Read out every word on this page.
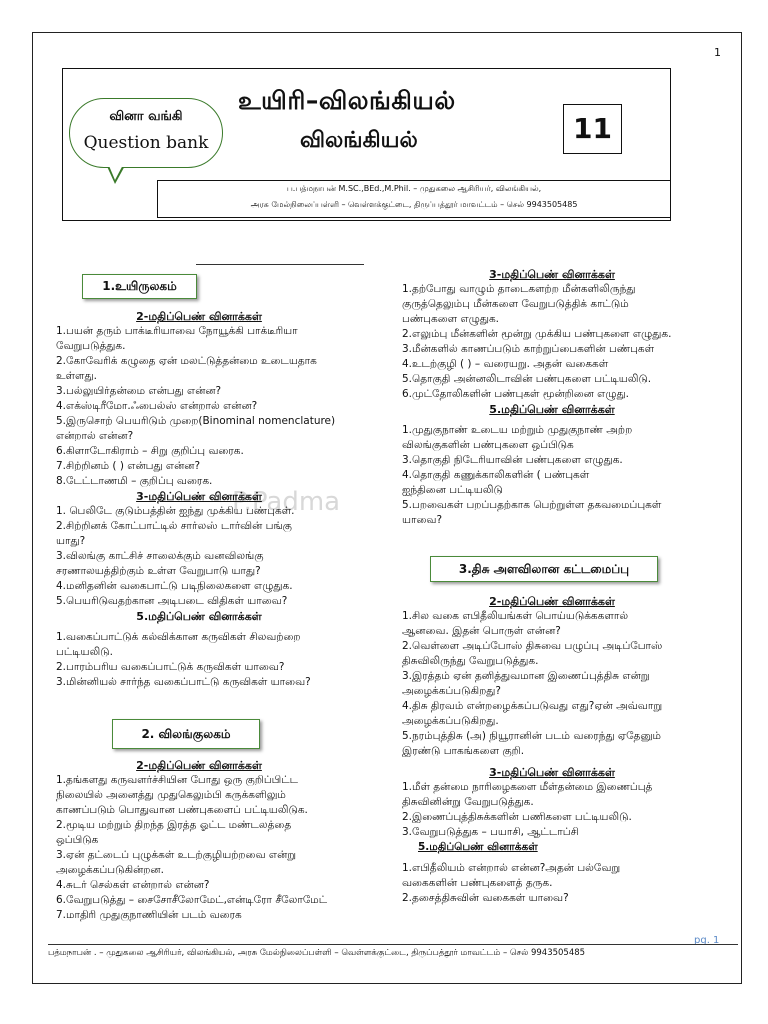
1
வினா வங்கி
Question bank
உயிரி–விலங்கியல்
விலங்கியல்	11
ப.பத்மநாபன் M.SC.,BEd.,M.Phil. – முதுகலை ஆசிரியர், விலங்கியல்,
அரசு மேல்நிலைப்பள்ளி – வெள்ளக்குட்டை, திருப்பத்தூர் மாவட்டம் – செல் 9943505485
P.Padma
1.உயிருலகம்

2-மதிப்பெண் வினாக்கள்

1.பயன் தரும் பாக்டீரியாவை நோயூக்கி பாக்டீரியா

வேறுபடுத்துக.

2.கோவேரிக் கழுதை ஏன் மலட்டுத்தன்மை உடையதாக

உள்ளது.

3.பல்லுயிர்தன்மை என்பது என்ன?

4.எக்ஸ்டிரீமோ.ஃபைல்ஸ் என்றால் என்ன?

5.இருசொற் பெயரிடும் முறை(Binominal nomenclature)

என்றால் என்ன?

6.கிளாடோகிராம் – சிறு குறிப்பு வரைக.

7.சிற்றினம் ( ) என்பது என்ன?

8.டேட்டாணமி – குறிப்பு வரைக.

3-மதிப்பெண் வினாக்கள்

1. பெலிடே குடும்பத்தின் ஐந்து முக்கிய பண்புகள்.

2.சிற்றினக் கோட்பாட்டில் சார்லஸ் டார்வின் பங்கு

யாது?

3.விலங்கு காட்சிச் சாலைக்கும் வனவிலங்கு

சரணாலயத்திற்கும் உள்ள வேறுபாடு யாது?

4.மனிதனின் வகைபாட்டு படிநிலைகளை எழுதுக.

5.பெயரிடுவதற்கான அடிபடை விதிகள் யாவை?

5.மதிப்பெண் வினாக்கள்

1.வகைப்பாட்டுக் கல்விக்கான கருவிகள் சிலவற்றை

பட்டியலிடு.

2.பாரம்பரிய வகைப்பாட்டுக் கருவிகள் யாவை?

3.மின்னியல் சார்ந்த வகைப்பாட்டு கருவிகள் யாவை?

2. விலங்குலகம்

2-மதிப்பெண் வினாக்கள்

1.தங்களது கருவளர்ச்சியின போது ஒரு குறிப்பிட்ட

நிலையில் அனைத்து முதுகெலும்பி கருக்களிலும்

காணப்படும் பொதுவான பண்புகளைப் பட்டியலிடுக.

2.மூடிய மற்றும் திறந்த இரத்த ஓட்ட மண்டலத்தை

ஒப்பிடுக

3.ஏன் தட்டைப் புழுக்கள் உடற்குழியற்றவை என்று

அழைக்கப்படுகின்றன.

4.சுடர் செல்கள் என்றால் என்ன?

6.வேறுபடுத்து – சைசோசீலோமேட்,என்டிரோ சீலோமேட்

7.மாதிரி முதுகுநாணியின் படம் வரைக

3-மதிப்பெண் வினாக்கள்

1.தற்போது வாழும் தாடைகளற்ற மீன்களிலிருந்து

குருத்தெலும்பு மீன்களை வேறுபடுத்திக் காட்டும்

பண்புகளை எழுதுக.

2.எலும்பு மீன்களின் மூன்று முக்கிய பண்புகளை எழுதுக.

3.மீன்களில் காணப்படும் காற்றுப்பைகளின் பண்புகள்

4.உடற்குழி ( ) – வரையறு. அதன் வகைகள்

5.தொகுதி அன்னலிடாவின் பண்புகளை பட்டியலிடு.

6.முட்தோலிகளின் பண்புகள் மூன்றினை எழுது.

5.மதிப்பெண் வினாக்கள்

1.முதுகுநாண் உடைய மற்றும் முதுகுநாண் அற்ற

விலங்குகளின் பண்புகளை ஒப்பிடுக

3.தொகுதி நிடேரியாவின் பண்புகளை எழுதுக.

4.தொகுதி கணுக்காலிகளின் ( பண்புகள்

ஐந்தினை பட்டியலிடு

5.பறவைகள் பறப்பதற்காக பெற்றுள்ள தகவமைப்புகள்

யாவை?

3.திசு அளவிலான கட்டமைப்பு

2-மதிப்பெண் வினாக்கள்

1.சில வகை எபிதீலியங்கள் பொய்யடுக்ககளால்

ஆனவை. இதன் பொருள் என்ன?

2.வெள்ளை அடிப்போஸ் திசுவை பழுப்பு அடிப்போஸ்

திசுவிலிருந்து வேறுபடுத்துக.

3.இரத்தம் ஏன் தனித்துவமான இணைப்புத்திசு என்று

அழைக்கப்படுகிறது?

4.திசு திரவம் என்றழைக்கப்படுவது எது?ஏன் அவ்வாறு

அழைக்கப்படுகிறது.

5.நரம்புத்திசு (அ) நியூரானின் படம் வரைந்து ஏதேனும்

இரண்டு பாகங்களை குறி.

3-மதிப்பெண் வினாக்கள்

1.மீள் தன்மை நாரிழைகளை மீள்தன்மை இணைப்புத்

திசுவினின்று வேறுபடுத்துக.

2.இணைப்புத்திசுக்களின் பணிகளை பட்டியலிடு.

3.வேறுபடுத்துக – பயாசி, ஆட்டாப்சி

5.மதிப்பெண் வினாக்கள்

1.எபிதீலியம் என்றால் என்ன?அதன் பல்வேறு

வகைகளின் பண்புகளைத் தருக.

2.தசைத்திசுவின் வகைகள் யாவை?

pg. 1
பத்மநாபன் . – முதுகலை ஆசிரியர், விலங்கியல், அரசு மேல்நிலைப்பள்ளி – வெள்ளக்குட்டை, திருப்பத்தூர் மாவட்டம் – செல் 9943505485
